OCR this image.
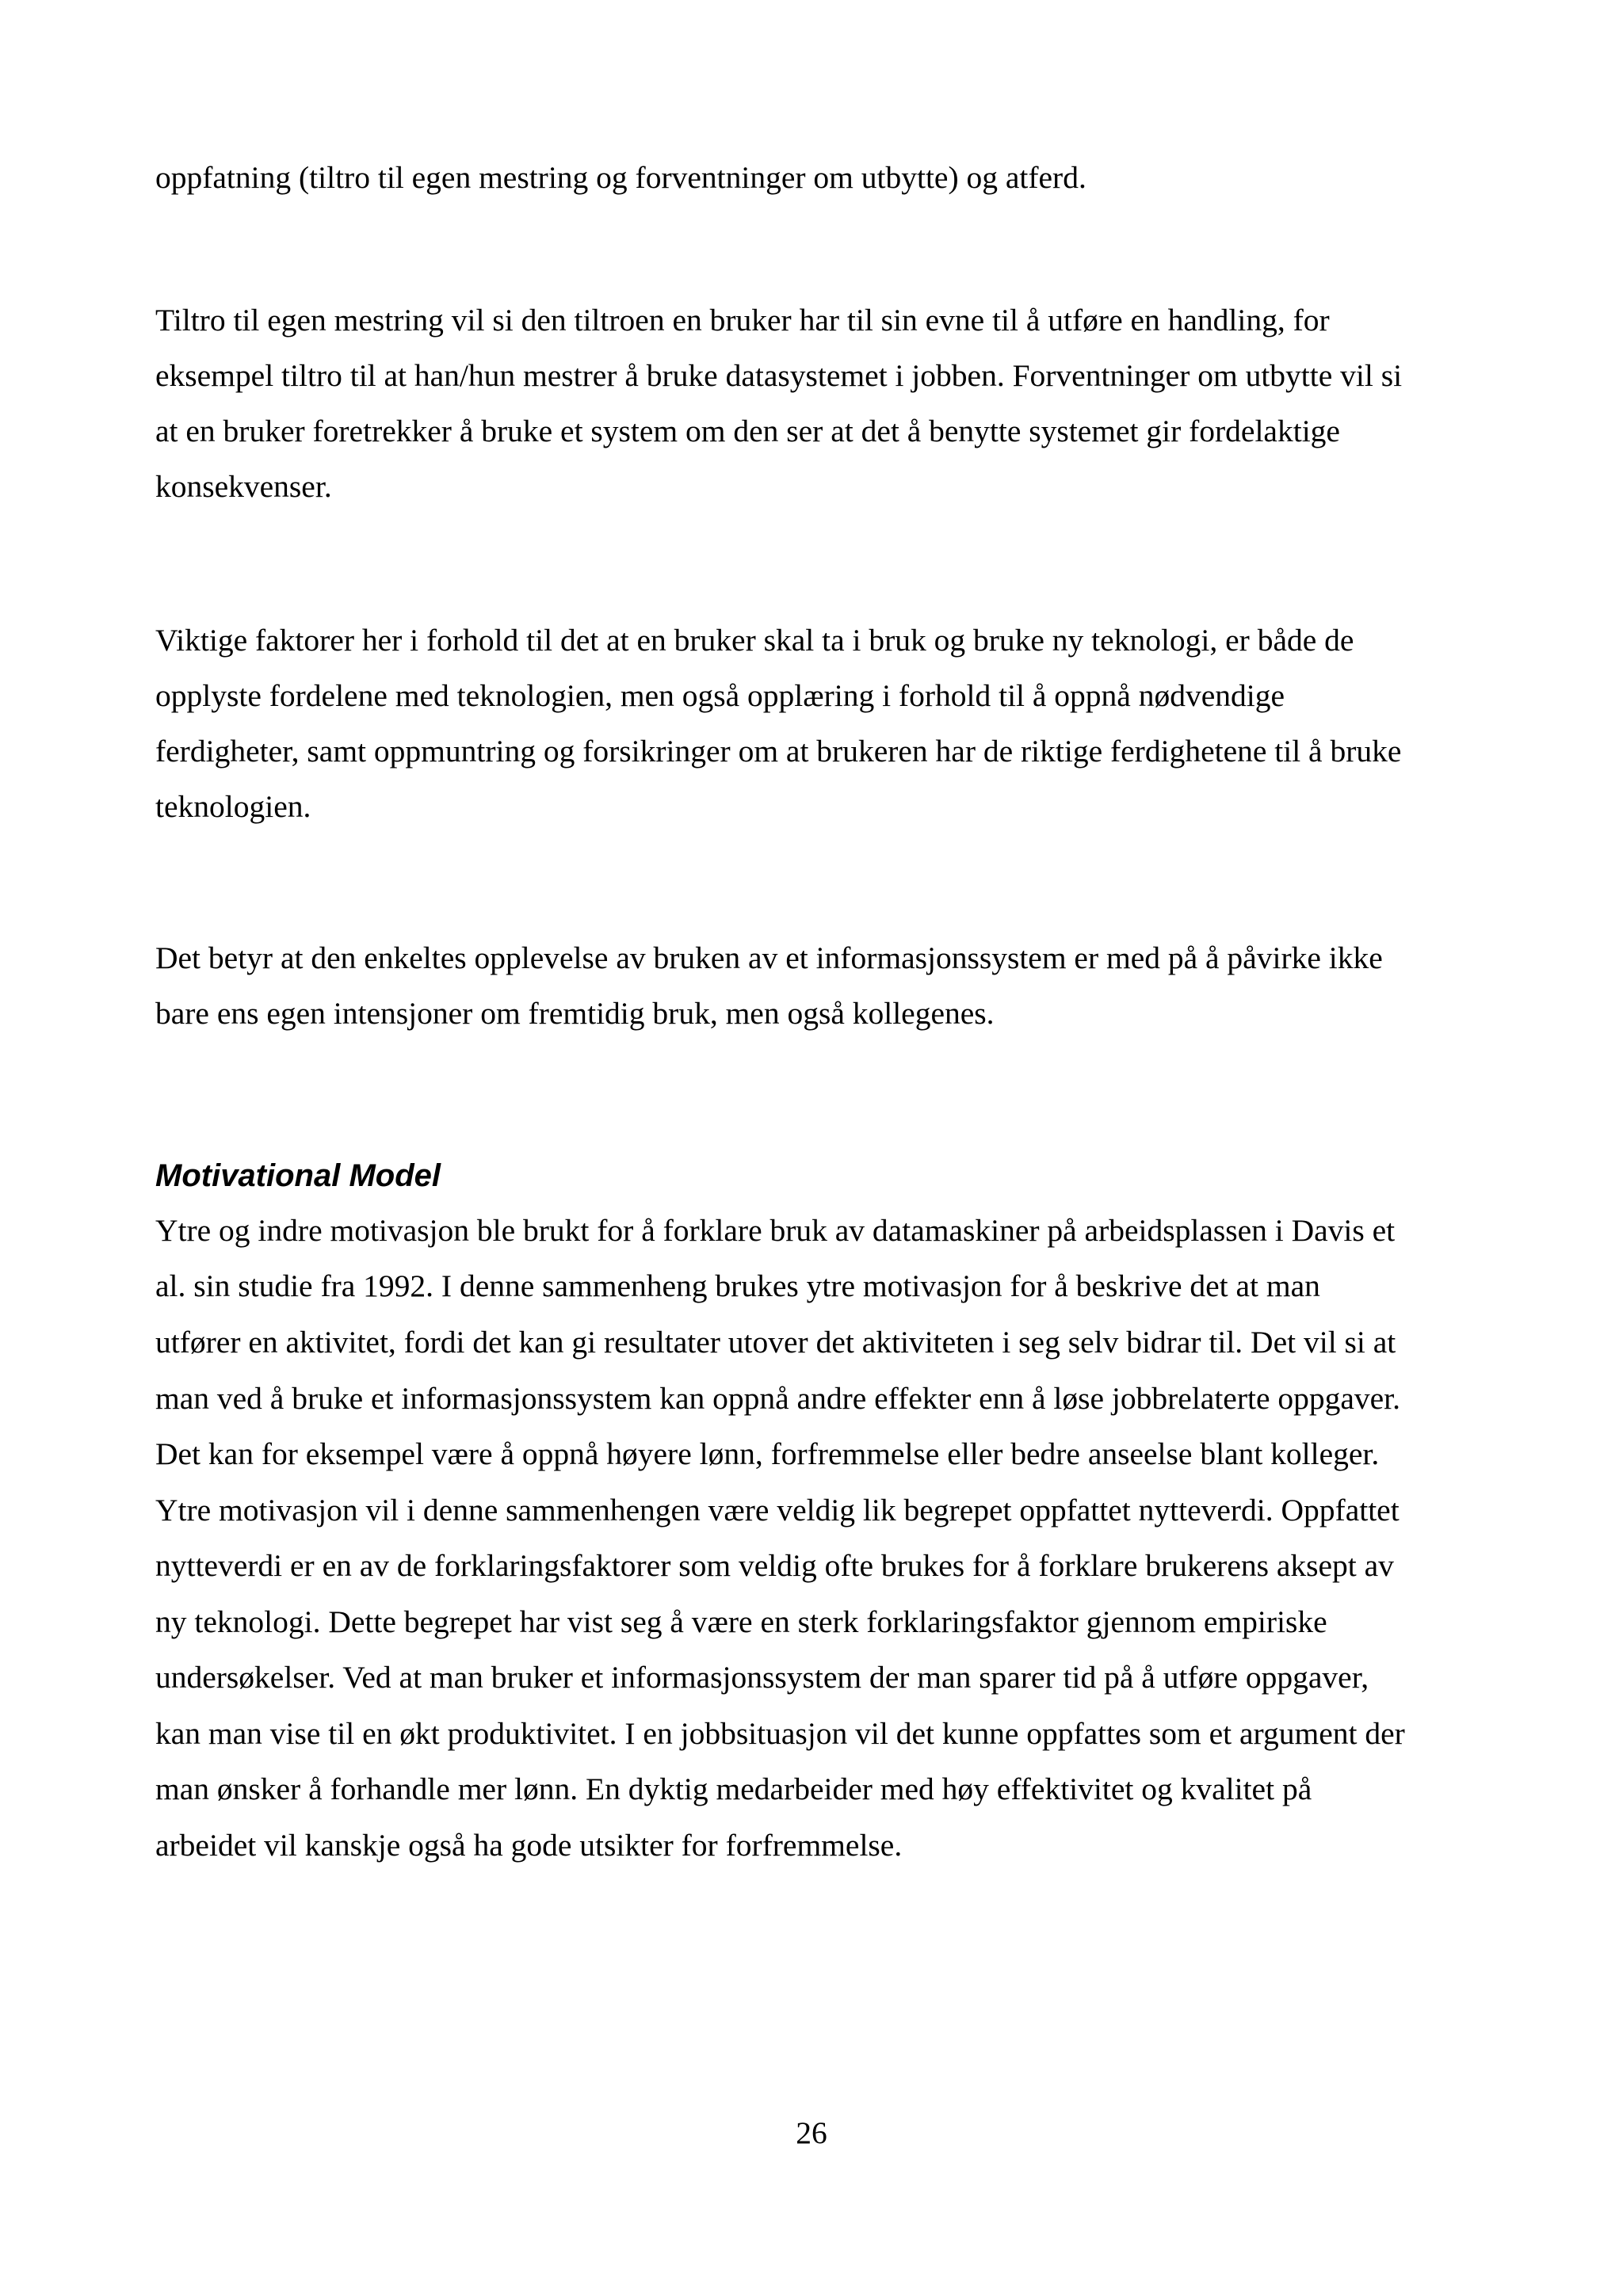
oppfatning (tiltro til egen mestring og forventninger om utbytte) og atferd.

Tiltro til egen mestring vil si den tiltroen en bruker har til sin evne til å utføre en handling, for

eksempel tiltro til at han/hun mestrer å bruke datasystemet i jobben. Forventninger om utbytte vil si

at en bruker foretrekker å bruke et system om den ser at det å benytte systemet gir fordelaktige

konsekvenser.

Viktige faktorer her i forhold til det at en bruker skal ta i bruk og bruke ny teknologi, er både de

opplyste fordelene med teknologien, men også opplæring i forhold til å oppnå nødvendige

ferdigheter, samt oppmuntring og forsikringer om at brukeren har de riktige ferdighetene til å bruke

teknologien.

Det betyr at den enkeltes opplevelse av bruken av et informasjonssystem er med på å påvirke ikke

bare ens egen intensjoner om fremtidig bruk, men også kollegenes.

Motivational Model

Ytre og indre motivasjon ble brukt for å forklare bruk av datamaskiner på arbeidsplassen i Davis et

al. sin studie fra 1992. I denne sammenheng brukes ytre motivasjon for å beskrive det at man

utfører en aktivitet, fordi det kan gi resultater utover det aktiviteten i seg selv bidrar til. Det vil si at

man ved å bruke et informasjonssystem kan oppnå andre effekter enn å løse jobbrelaterte oppgaver.

Det kan for eksempel være å oppnå høyere lønn, forfremmelse eller bedre anseelse blant kolleger.

Ytre motivasjon vil i denne sammenhengen være veldig lik begrepet oppfattet nytteverdi. Oppfattet

nytteverdi er en av de forklaringsfaktorer som veldig ofte brukes for å forklare brukerens aksept av

ny teknologi. Dette begrepet har vist seg å være en sterk forklaringsfaktor gjennom empiriske

undersøkelser. Ved at man bruker et informasjonssystem der man sparer tid på å utføre oppgaver,

kan man vise til en økt produktivitet. I en jobbsituasjon vil det kunne oppfattes som et argument der

man ønsker å forhandle mer lønn. En dyktig medarbeider med høy effektivitet og kvalitet på

arbeidet vil kanskje også ha gode utsikter for forfremmelse.

26
